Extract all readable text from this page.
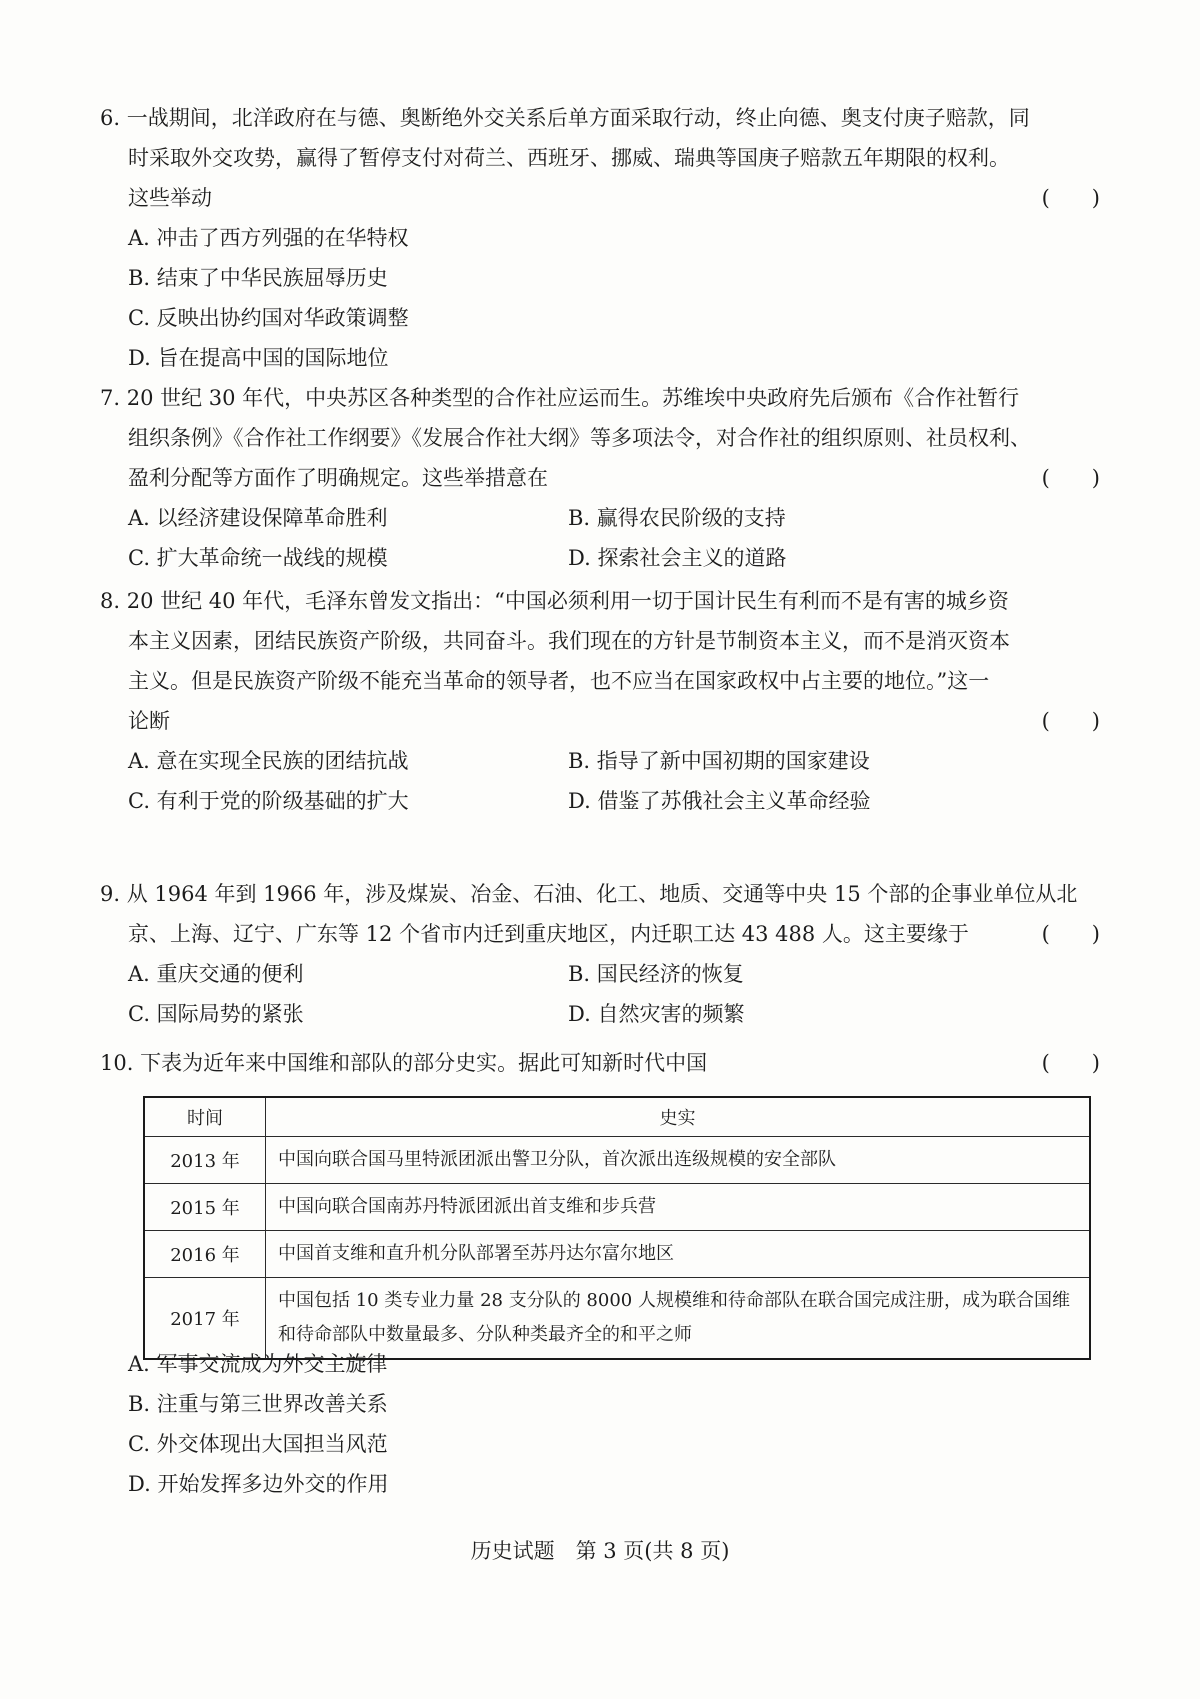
6. 一战期间，北洋政府在与德、奥断绝外交关系后单方面采取行动，终止向德、奥支付庚子赔款，同
时采取外交攻势，赢得了暂停支付对荷兰、西班牙、挪威、瑞典等国庚子赔款五年期限的权利。
这些举动	(　　)
A. 冲击了西方列强的在华特权
B. 结束了中华民族屈辱历史
C. 反映出协约国对华政策调整
D. 旨在提高中国的国际地位
7. 20 世纪 30 年代，中央苏区各种类型的合作社应运而生。苏维埃中央政府先后颁布《合作社暂行
组织条例》《合作社工作纲要》《发展合作社大纲》等多项法令，对合作社的组织原则、社员权利、
盈利分配等方面作了明确规定。这些举措意在	(　　)
A. 以经济建设保障革命胜利	B. 赢得农民阶级的支持 C. 扩大革命统一战线的规模	D. 探索社会主义的道路
8. 20 世纪 40 年代，毛泽东曾发文指出：“中国必须利用一切于国计民生有利而不是有害的城乡资
本主义因素，团结民族资产阶级，共同奋斗。我们现在的方针是节制资本主义，而不是消灭资本
主义。但是民族资产阶级不能充当革命的领导者，也不应当在国家政权中占主要的地位。”这一
论断	(　　)
A. 意在实现全民族的团结抗战	B. 指导了新中国初期的国家建设 C. 有利于党的阶级基础的扩大	D. 借鉴了苏俄社会主义革命经验
9. 从 1964 年到 1966 年，涉及煤炭、冶金、石油、化工、地质、交通等中央 15 个部的企事业单位从北
京、上海、辽宁、广东等 12 个省市内迁到重庆地区，内迁职工达 43 488 人。这主要缘于	(　　)
A. 重庆交通的便利	B. 国民经济的恢复 C. 国际局势的紧张	D. 自然灾害的频繁
10. 下表为近年来中国维和部队的部分史实。据此可知新时代中国	(　　)
时间	史实
2013 年	中国向联合国马里特派团派出警卫分队，首次派出连级规模的安全部队
2015 年	中国向联合国南苏丹特派团派出首支维和步兵营
2016 年	中国首支维和直升机分队部署至苏丹达尔富尔地区
2017 年	中国包括 10 类专业力量 28 支分队的 8000 人规模维和待命部队在联合国完成注册，成为联合国维和待命部队中数量最多、分队种类最齐全的和平之师
A. 军事交流成为外交主旋律
B. 注重与第三世界改善关系
C. 外交体现出大国担当风范
D. 开始发挥多边外交的作用
历史试题　第 3 页(共 8 页)
